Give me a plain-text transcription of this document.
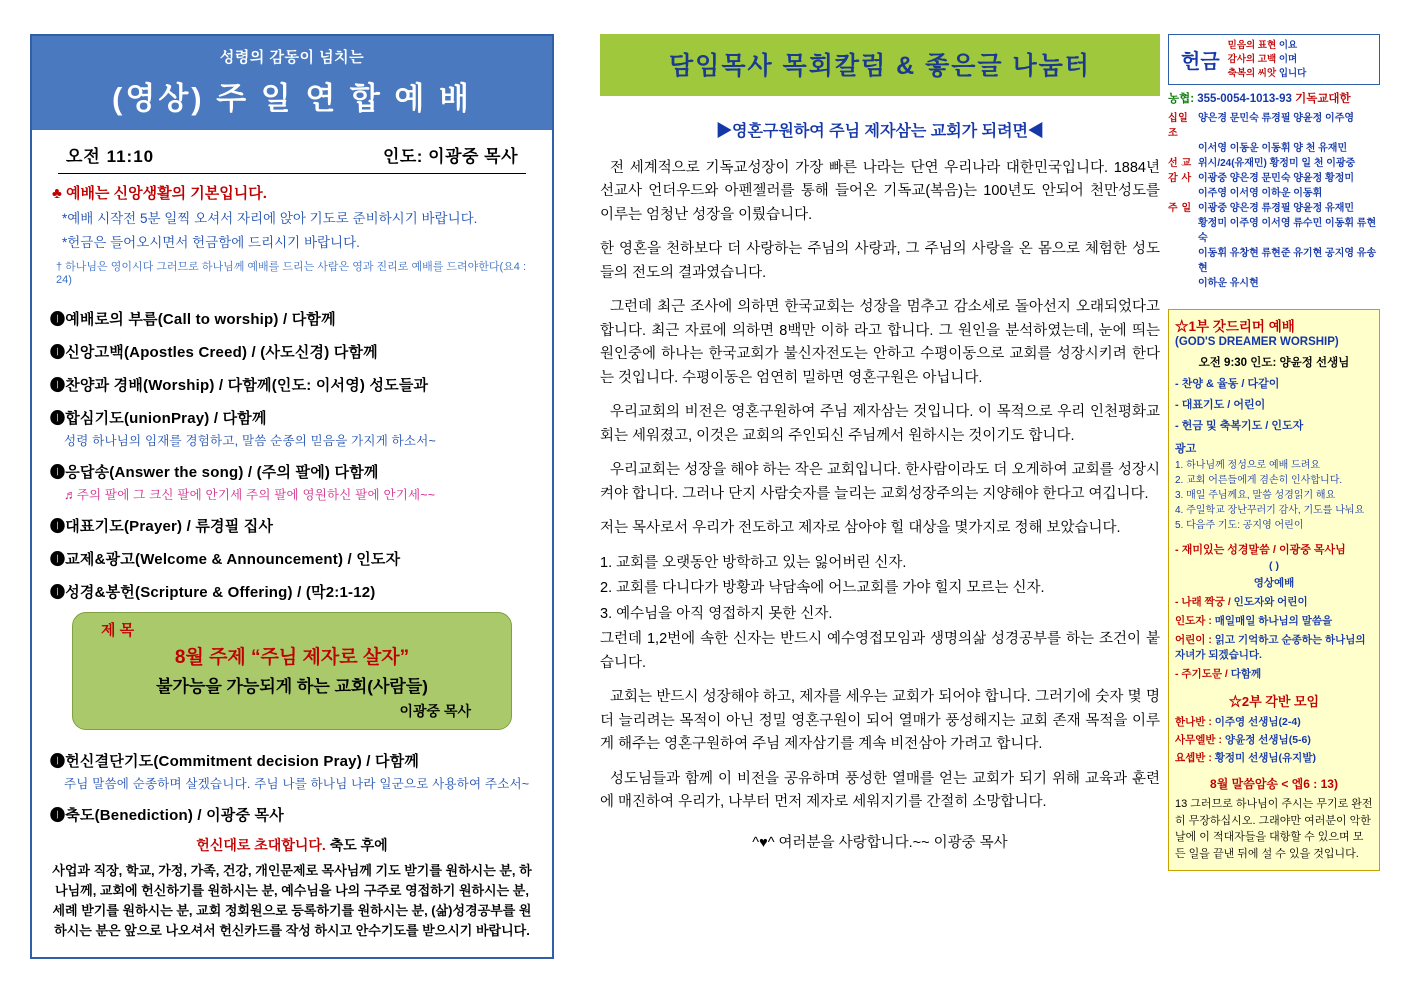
성령의 감동이 넘치는
(영상) 주 일 연 합 예 배
오전 11:10	인도: 이광중 목사
♣ 예배는 신앙생활의 기본입니다.
*예배 시작전 5분 일찍 오셔서 자리에 앉아 기도로 준비하시기 바랍니다.
*헌금은 들어오시면서 헌금함에 드리시기 바랍니다.
† 하나님은 영이시다 그러므로 하나님께 예배를 드리는 사람은 영과 진리로 예배를 드려야한다(요4 : 24)
❶예배로의 부름(Call to worship) / 다함께
❶신앙고백(Apostles Creed) / (사도신경) 다함께
❶찬양과 경배(Worship) / 다함께(인도: 이서영) 성도들과
❶합심기도(unionPray) / 다함께
성령 하나님의 임재를 경험하고, 말씀 순종의 믿음을 가지게 하소서~
❶응답송(Answer the song) / (주의 팔에) 다함께
♬주의 팔에 그 크신 팔에 안기세 주의 팔에 영원하신 팔에 안기세~~
❶대표기도(Prayer) / 류경필 집사
❶교제&광고(Welcome & Announcement) / 인도자
❶성경&봉헌(Scripture & Offering) / (막2:1-12)
제 목
8월 주제 “주님 제자로 살자”
불가능을 가능되게 하는 교회(사람들)
이광중 목사
❶헌신결단기도(Commitment decision Pray) / 다함께
주님 말씀에 순종하며 살겠습니다. 주님 나를 하나님 나라 일군으로 사용하여 주소서~
❶축도(Benediction) / 이광중 목사
헌신대로 초대합니다. 축도 후에
사업과 직장, 학교, 가정, 가족, 건강, 개인문제로 목사님께 기도 받기를 원하시는 분, 하나님께, 교회에 헌신하기를 원하시는 분, 예수님을 나의 구주로 영접하기 원하시는 분, 세례 받기를 원하시는 분, 교회 정회원으로 등록하기를 원하시는 분, (삶)성경공부를 원하시는 분은 앞으로 나오셔서 헌신카드를 작성 하시고 안수기도를 받으시기 바랍니다.
담임목사 목회칼럼 & 좋은글 나눔터
▶영혼구원하여 주님 제자삼는 교회가 되려면◀

전 세계적으로 기독교성장이 가장 빠른 나라는 단연 우리나라 대한민국입니다. 1884년 선교사 언더우드와 아펜젤러를 통해 들어온 기독교(복음)는 100년도 안되어 천만성도를 이루는 엄청난 성장을 이뤘습니다.

한 영혼을 천하보다 더 사랑하는 주님의 사랑과, 그 주님의 사랑을 온 몸으로 체험한 성도들의 전도의 결과였습니다.

그런데 최근 조사에 의하면 한국교회는 성장을 멈추고 감소세로 돌아선지 오래되었다고 합니다. 최근 자료에 의하면 8백만 이하 라고 합니다. 그 원인을 분석하였는데, 눈에 띄는 원인중에 하나는 한국교회가 불신자전도는 안하고 수평이동으로 교회를 성장시키려 한다는 것입니다. 수평이동은 엄연히 밀하면 영혼구원은 아닙니다.

우리교회의 비전은 영혼구원하여 주님 제자삼는 것입니다. 이 목적으로 우리 인천평화교회는 세워졌고, 이것은 교회의 주인되신 주님께서 원하시는 것이기도 합니다.

우리교회는 성장을 해야 하는 작은 교회입니다. 한사람이라도 더 오게하여 교회를 성장시켜야 합니다. 그러나 단지 사람숫자를 늘리는 교회성장주의는 지양해야 한다고 여깁니다.

저는 목사로서 우리가 전도하고 제자로 삼아야 힐 대상을 몇가지로 정해 보았습니다.

1. 교회를 오랫동안 방학하고 있는 잃어버린 신자.

2. 교회를 다니다가 방황과 낙담속에 어느교회를 가야 힐지 모르는 신자.

3. 예수님을 아직 영접하지 못한 신자.

그런데 1,2번에 속한 신자는 반드시 예수영접모임과 생명의삶 성경공부를 하는 조건이 붙습니다.

교회는 반드시 성장해야 하고, 제자를 세우는 교회가 되어야 합니다. 그러기에 숫자 몇 명 더 늘리려는 목적이 아닌 정밀 영혼구원이 되어 열매가 풍성해지는 교회 존재 목적을 이루게 해주는 영혼구원하여 주님 제자삼기를 계속 비전삼아 가려고 합니다.

성도님들과 함께 이 비전을 공유하며 풍성한 열매를 얻는 교회가 되기 위해 교육과 훈련에 매진하여 우리가, 나부터 먼저 제자로 세워지기를 간절히 소망합니다.

^♥^ 여러분을 사랑합니다.~~ 이광중 목사
헌금
믿음의 표현 이요
감사의 고백 이며
축복의 씨앗 입니다
농협: 355-0054-1013-93 기독교대한
십일조
양은경 문민숙 류경필 양윤정 이주영
이서영 이동운 이동휘 양 천 유재민
선 교 위시/24(유재민) 황정미 일 천 이광중
감 사 이광중 양은경 문민숙 양윤정 황정미
이주영 이서영 이하운 이동휘
주 일 이광중 양은경 류경필 양윤정 유재민
황정미 이주영 이서영 류수민 이동휘 류현숙
이동휘 유창현 류현준 유기현 공지영 유송현
이하운 유시현
☆1부 갓드리머 예배
(GOD'S DREAMER WORSHIP)
오전 9:30 인도: 양윤정 선생님
- 찬양 & 율동 / 다같이
- 대표기도 / 어린이
- 헌금 및 축복기도 / 인도자
광고
1. 하나님께 정성으로 예배 드려요
2. 교회 어른들에게 겸손히 인사합니다.
3. 매일 주님께요, 말씀 성경읽기 해요
4. 주일학교 장난꾸러기 감사, 기도를 나눠요
5. 다음주 기도: 공지영 어린이
- 재미있는 성경말씀 / 이광중 목사님
( )
영상예배
- 나래 짝궁 / 인도자와 어린이
인도자 : 매일매일 하나님의 말씀을
어린이 : 읽고 기억하고 순종하는 하나님의 자녀가 되겠습니다.
- 주기도문 / 다함께
☆2부 각반 모임
한나반 : 이주영 선생님(2-4)
사무엘반 : 양윤정 선생님(5-6)
요셉반 : 황정미 선생님(유지발)
8월 말씀암송 < 엡6 : 13)
13 그러므로 하나님이 주시는 무기로 완전히 무장하십시오. 그래야만 여러분이 악한 날에 이 적대자들을 대항할 수 있으며 모든 일을 끝낸 뒤에 설 수 있을 것입니다.
